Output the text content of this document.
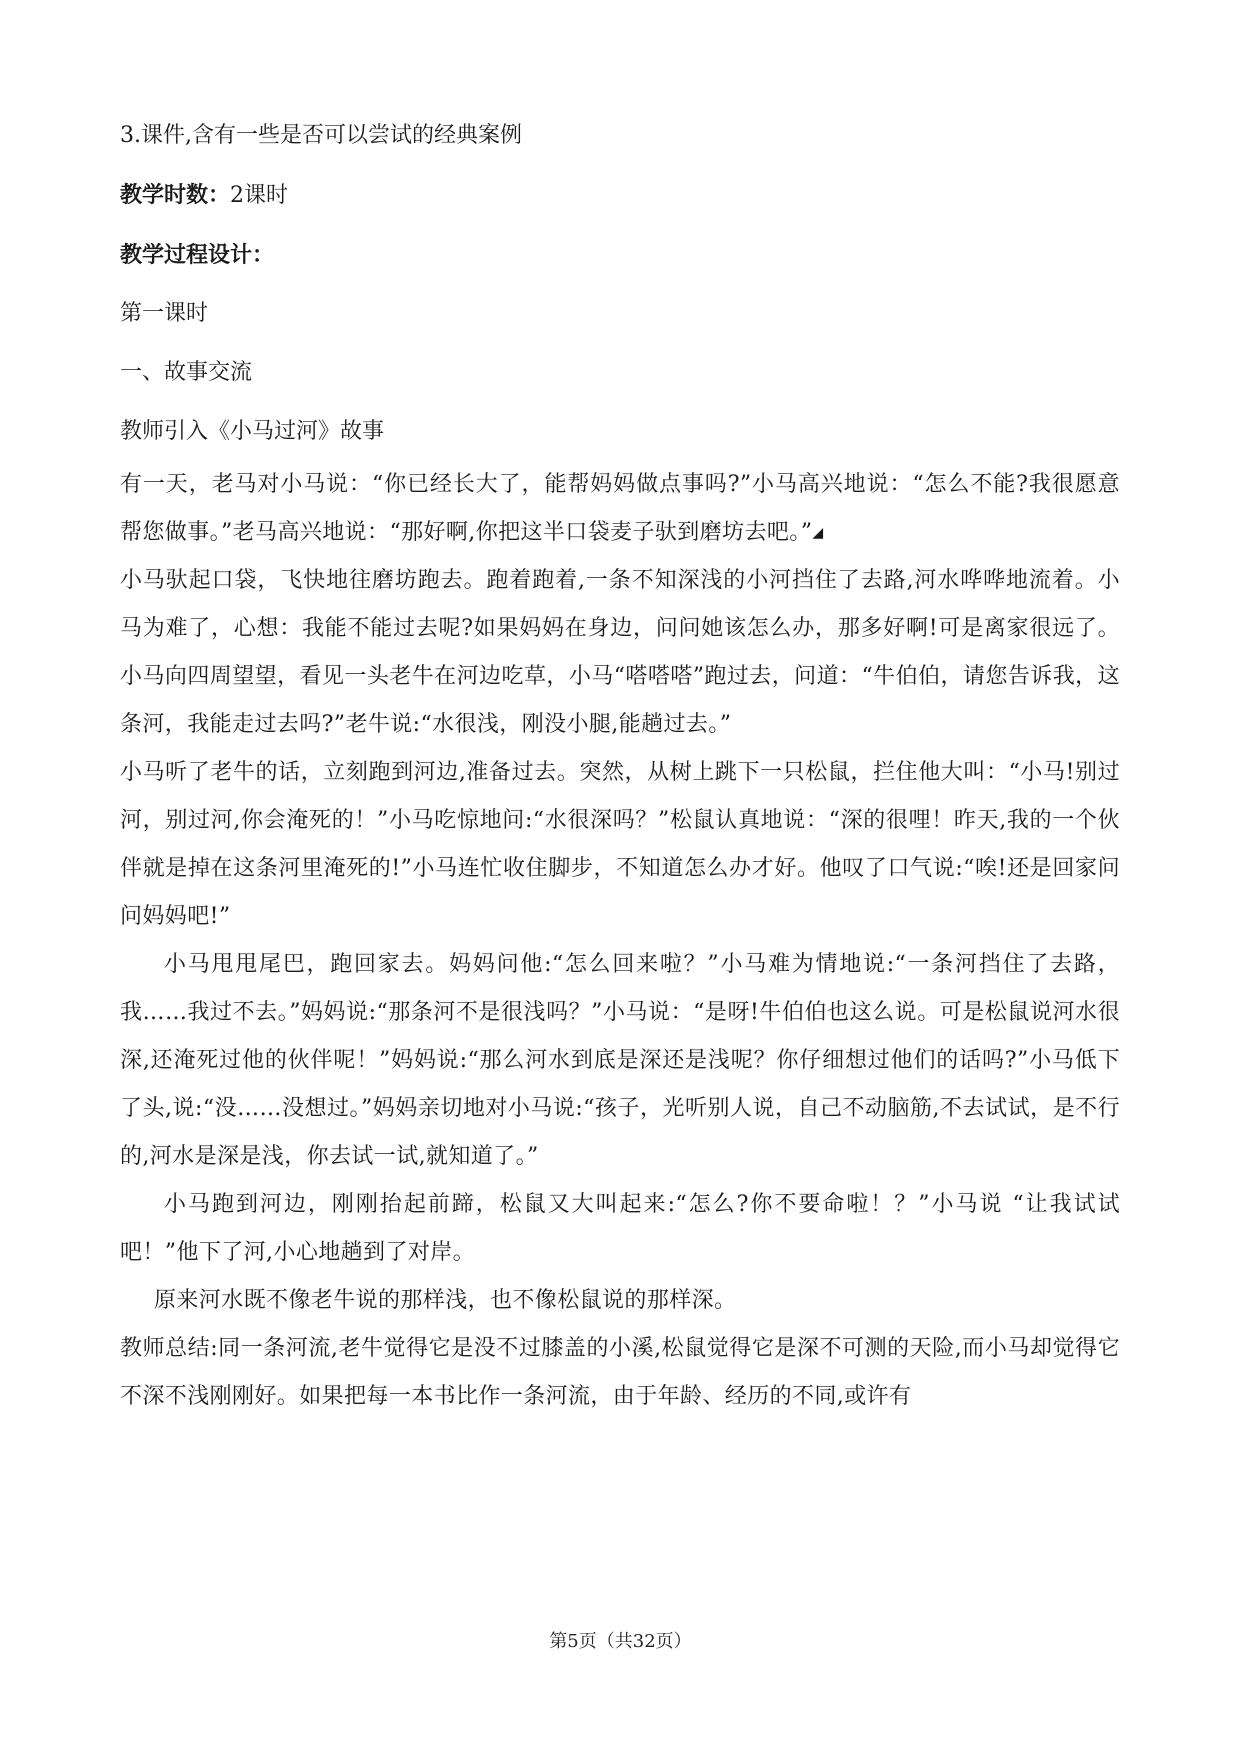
3.课件,含有一些是否可以尝试的经典案例

教学时数：2课时

教学过程设计：

第一课时

一、故事交流

教师引入《小马过河》故事

有一天，老马对小马说：“你已经长大了，能帮妈妈做点事吗?”小马高兴地说：“怎么不能?我很愿意帮您做事。”老马高兴地说：“那好啊,你把这半口袋麦子驮到磨坊去吧。”◢

小马驮起口袋，飞快地往磨坊跑去。跑着跑着,一条不知深浅的小河挡住了去路,河水哗哗地流着。小马为难了，心想：我能不能过去呢?如果妈妈在身边，问问她该怎么办，那多好啊!可是离家很远了。小马向四周望望，看见一头老牛在河边吃草，小马“嗒嗒嗒”跑过去，问道：“牛伯伯，请您告诉我，这条河，我能走过去吗?”老牛说:“水很浅，刚没小腿,能趟过去。”

小马听了老牛的话，立刻跑到河边,准备过去。突然，从树上跳下一只松鼠，拦住他大叫：“小马!别过河，别过河,你会淹死的！”小马吃惊地问:“水很深吗？”松鼠认真地说：“深的很哩！昨天,我的一个伙伴就是掉在这条河里淹死的!”小马连忙收住脚步，不知道怎么办才好。他叹了口气说:“唉!还是回家问问妈妈吧!”

小马甩甩尾巴，跑回家去。妈妈问他:“怎么回来啦？”小马难为情地说:“一条河挡住了去路，我……我过不去。”妈妈说:“那条河不是很浅吗？”小马说：“是呀!牛伯伯也这么说。可是松鼠说河水很深,还淹死过他的伙伴呢！”妈妈说:“那么河水到底是深还是浅呢？你仔细想过他们的话吗?”小马低下了头,说:“没……没想过。”妈妈亲切地对小马说:“孩子，光听别人说，自己不动脑筋,不去试试，是不行的,河水是深是浅，你去试一试,就知道了。”

小马跑到河边，刚刚抬起前蹄，松鼠又大叫起来:“怎么?你不要命啦！？”小马说 “让我试试吧！”他下了河,小心地趟到了对岸。

原来河水既不像老牛说的那样浅，也不像松鼠说的那样深。

教师总结:同一条河流,老牛觉得它是没不过膝盖的小溪,松鼠觉得它是深不可测的天险,而小马却觉得它不深不浅刚刚好。如果把每一本书比作一条河流，由于年龄、经历的不同,或许有

第5页（共32页）
